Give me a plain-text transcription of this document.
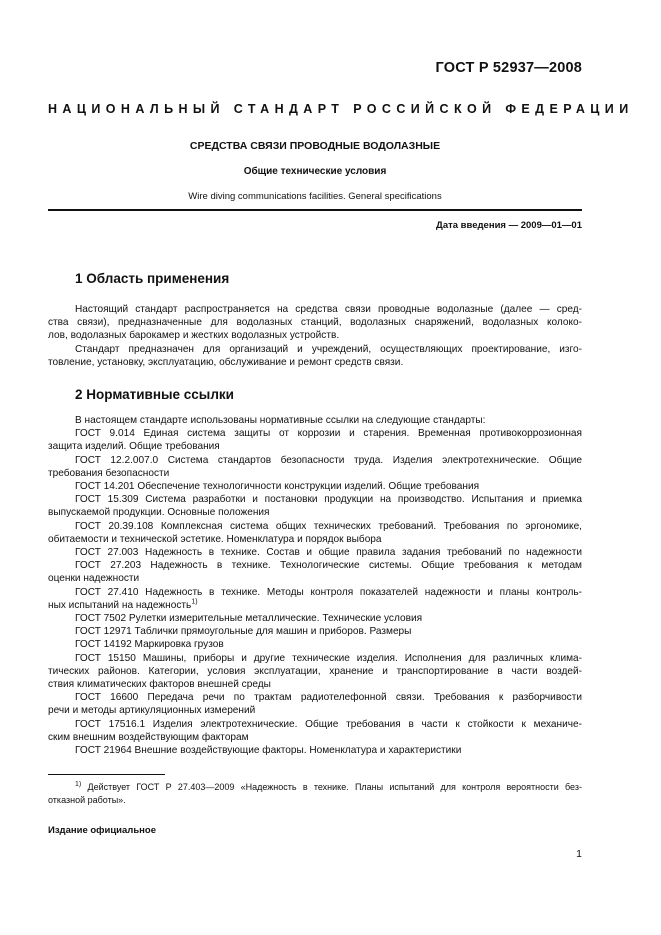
ГОСТ Р 52937—2008
НАЦИОНАЛЬНЫЙ СТАНДАРТ РОССИЙСКОЙ ФЕДЕРАЦИИ
СРЕДСТВА СВЯЗИ ПРОВОДНЫЕ ВОДОЛАЗНЫЕ
Общие технические условия
Wire diving communications facilities. General specifications
Дата введения — 2009—01—01
1 Область применения
Настоящий стандарт распространяется на средства связи проводные водолазные (далее — сред-
ства связи), предназначенные для водолазных станций, водолазных снаряжений, водолазных колоко-
лов, водолазных барокамер и жестких водолазных устройств.
Стандарт предназначен для организаций и учреждений, осуществляющих проектирование, изго-
товление, установку, эксплуатацию, обслуживание и ремонт средств связи.
2 Нормативные ссылки
В настоящем стандарте использованы нормативные ссылки на следующие стандарты:
ГОСТ 9.014 Единая система защиты от коррозии и старения. Временная противокоррозионная
защита изделий. Общие требования
ГОСТ 12.2.007.0 Система стандартов безопасности труда. Изделия электротехнические. Общие
требования безопасности
ГОСТ 14.201 Обеспечение технологичности конструкции изделий. Общие требования
ГОСТ 15.309 Система разработки и постановки продукции на производство. Испытания и приемка
выпускаемой продукции. Основные положения
ГОСТ 20.39.108 Комплексная система общих технических требований. Требования по эргономике,
обитаемости и технической эстетике. Номенклатура и порядок выбора
ГОСТ 27.003 Надежность в технике. Состав и общие правила задания требований по надежности
ГОСТ 27.203 Надежность в технике. Технологические системы. Общие требования к методам
оценки надежности
ГОСТ 27.410 Надежность в технике. Методы контроля показателей надежности и планы контроль-
ных испытаний на надежность$^{1)}$
ГОСТ 7502 Рулетки измерительные металлические. Технические условия
ГОСТ 12971 Таблички прямоугольные для машин и приборов. Размеры
ГОСТ 14192 Маркировка грузов
ГОСТ 15150 Машины, приборы и другие технические изделия. Исполнения для различных клима-
тических районов. Категории, условия эксплуатации, хранение и транспортирование в части воздей-
ствия климатических факторов внешней среды
ГОСТ 16600 Передача речи по трактам радиотелефонной связи. Требования к разборчивости
речи и методы артикуляционных измерений
ГОСТ 17516.1 Изделия электротехнические. Общие требования в части к стойкости к механиче-
ским внешним воздействующим факторам
ГОСТ 21964 Внешние воздействующие факторы. Номенклатура и характеристики
$^{1)}$ Действует ГОСТ Р 27.403—2009 «Надежность в технике. Планы испытаний для контроля вероятности без-
отказной работы».
Издание официальное
1
